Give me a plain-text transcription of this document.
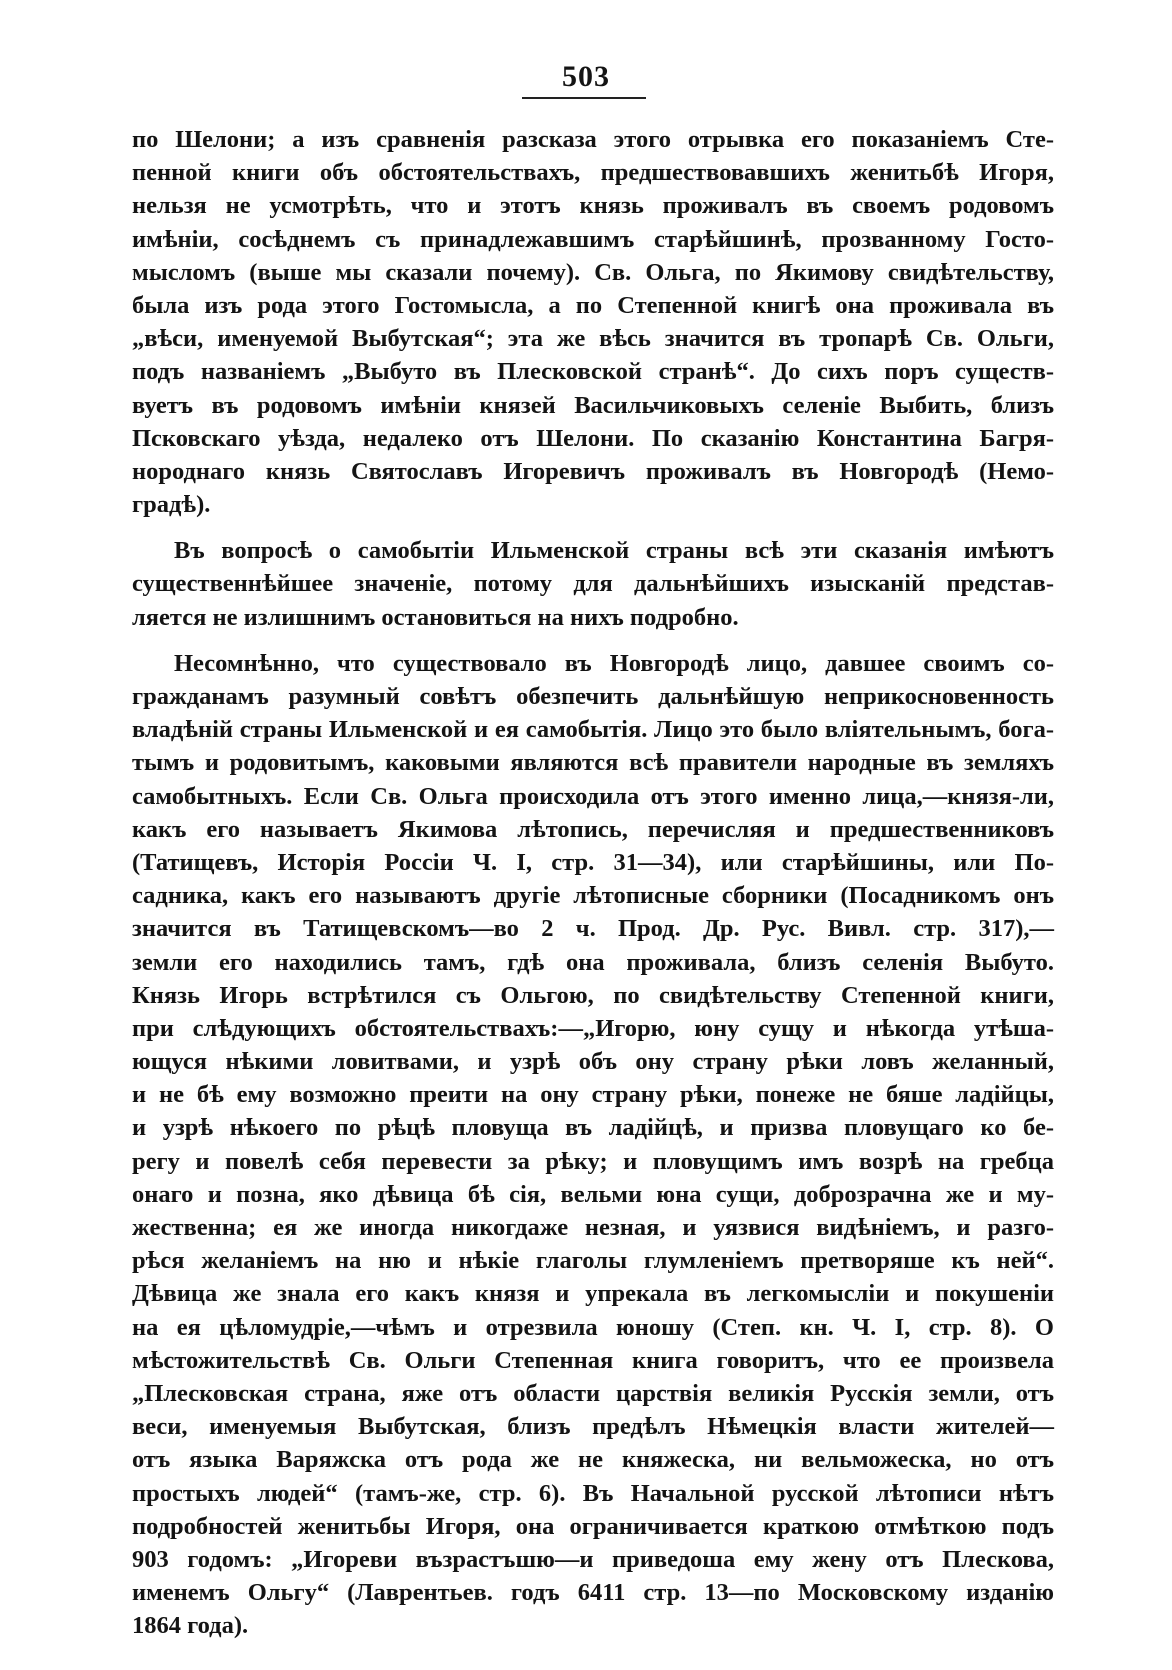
503
по Шелони; а изъ сравненія разсказа этого отрывка его показаніемъ Сте-
пенной книги объ обстоятельствахъ, предшествовавшихъ женитьбѣ Игоря,
нельзя не усмотрѣть, что и этотъ князь проживалъ въ своемъ родовомъ
имѣніи, сосѣднемъ съ принадлежавшимъ старѣйшинѣ, прозванному Госто-
мысломъ (выше мы сказали почему). Св. Ольга, по Якимову свидѣтельству,
была изъ рода этого Гостомысла, а по Степенной книгѣ она проживала въ
„вѣси, именуемой Выбутская“; эта же вѣсь значится въ тропарѣ Св. Ольги,
подъ названіемъ „Выбуто въ Плесковской странѣ“. До сихъ поръ существ-
вуетъ въ родовомъ имѣніи князей Васильчиковыхъ селеніе Выбить, близъ
Псковскаго уѣзда, недалеко отъ Шелони. По сказанію Константина Багря-
нороднаго князь Святославъ Игоревичъ проживалъ въ Новгородѣ (Немо-
градѣ).
Въ вопросѣ о самобытіи Ильменской страны всѣ эти сказанія имѣютъ
существеннѣйшее значеніе, потому для дальнѣйшихъ изысканій представ-
ляется не излишнимъ остановиться на нихъ подробно.
Несомнѣнно, что существовало въ Новгородѣ лицо, давшее своимъ со-
гражданамъ разумный совѣтъ обезпечить дальнѣйшую неприкосновенность
владѣній страны Ильменской и ея самобытія. Лицо это было вліятельнымъ, бога-
тымъ и родовитымъ, каковыми являются всѣ правители народные въ земляхъ
самобытныхъ. Если Св. Ольга происходила отъ этого именно лица,—князя-ли,
какъ его называетъ Якимова лѣтопись, перечисляя и предшественниковъ
(Татищевъ, Исторія Россіи Ч. I, стр. 31—34), или старѣйшины, или По-
садника, какъ его называютъ другіе лѣтописные сборники (Посадникомъ онъ
значится въ Татищевскомъ—во 2 ч. Прод. Др. Рус. Вивл. стр. 317),—
земли его находились тамъ, гдѣ она проживала, близъ селенія Выбуто.
Князь Игорь встрѣтился съ Ольгою, по свидѣтельству Степенной книги,
при слѣдующихъ обстоятельствахъ:—„Игорю, юну сущу и нѣкогда утѣша-
ющуся нѣкими ловитвами, и узрѣ объ ону страну рѣки ловъ желанный,
и не бѣ ему возможно преити на ону страну рѣки, понеже не бяше ладійцы,
и узрѣ нѣкоего по рѣцѣ пловуща въ ладійцѣ, и призва пловущаго ко бе-
регу и повелѣ себя перевести за рѣку; и пловущимъ имъ возрѣ на гребца
онаго и позна, яко дѣвица бѣ сія, вельми юна сущи, доброзрачна же и му-
жественна; ея же иногда никогдаже незная, и уязвися видѣніемъ, и разго-
рѣся желаніемъ на ню и нѣкіе глаголы глумленіемъ претворяше къ ней“.
Дѣвица же знала его какъ князя и упрекала въ легкомысліи и покушеніи
на ея цѣломудріе,—чѣмъ и отрезвила юношу (Степ. кн. Ч. I, стр. 8). О
мѣстожительствѣ Св. Ольги Степенная книга говоритъ, что ее произвела
„Плесковская страна, яже отъ области царствія великія Русскія земли, отъ
веси, именуемыя Выбутская, близъ предѣлъ Нѣмецкія власти жителей—
отъ языка Варяжска отъ рода же не княжеска, ни вельможеска, но отъ
простыхъ людей“ (тамъ-же, стр. 6). Въ Начальной русской лѣтописи нѣтъ
подробностей женитьбы Игоря, она ограничивается краткою отмѣткою подъ
903 годомъ: „Игореви възрастъшю—и приведоша ему жену отъ Плескова,
именемъ Ольгу“ (Лаврентьев. годъ 6411 стр. 13—по Московскому изданію
1864 года).
